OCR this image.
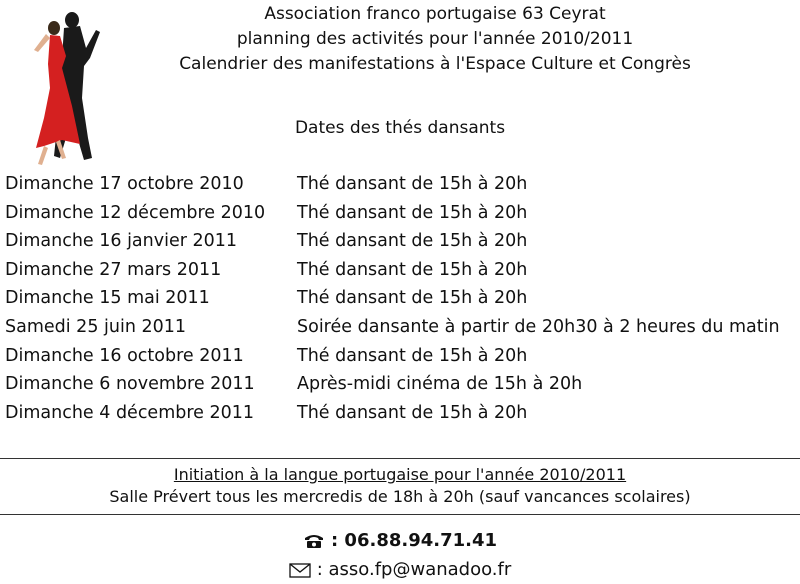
Association franco portugaise 63 Ceyrat
planning des activités pour l'année 2010/2011
Calendrier des manifestations à l'Espace Culture et Congrès
Dates des thés dansants
Dimanche 17 octobre 2010	Thé dansant de 15h à 20h
Dimanche 12 décembre 2010 Thé dansant de 15h à 20h
Dimanche 16 janvier 2011	Thé dansant de 15h à 20h
Dimanche 27 mars 2011	Thé dansant de 15h à 20h
Dimanche 15 mai 2011	Thé dansant de 15h à 20h
Samedi 25 juin 2011	Soirée dansante à partir de 20h30 à 2 heures du matin
Dimanche 16 octobre 2011	Thé dansant de 15h à 20h
Dimanche 6 novembre 2011 Après-midi cinéma de 15h à 20h
Dimanche 4 décembre 2011 Thé dansant de 15h à 20h
Initiation à la langue portugaise pour l'année 2010/2011
Salle Prévert tous les mercredis de 18h à 20h (sauf vancances scolaires)
: 06.88.94.71.41
: asso.fp@wanadoo.fr
